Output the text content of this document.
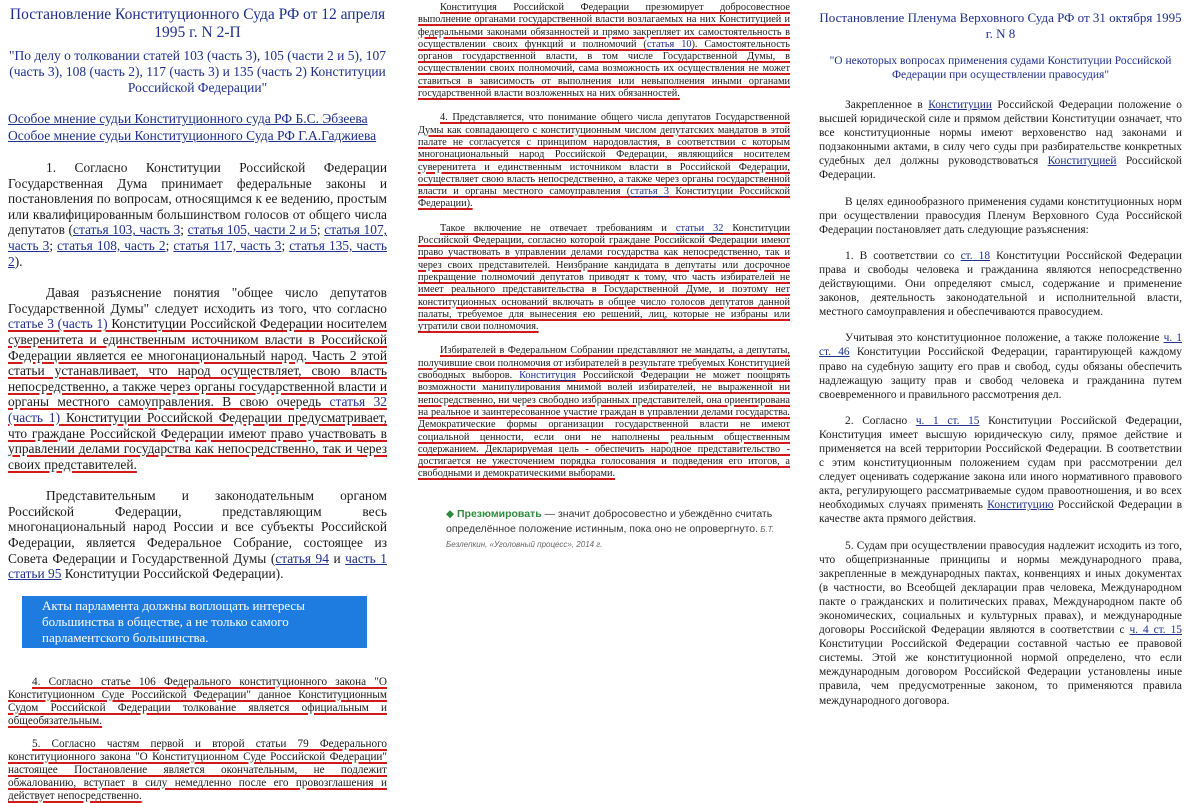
Постановление Конституционного Суда РФ от 12 апреля 1995 г. N 2-П

"По делу о толковании статей 103 (часть 3), 105 (части 2 и 5), 107 (часть 3), 108 (часть 2), 117 (часть 3) и 135 (часть 2) Конституции Российской Федерации"

Особое мнение судьи Конституционного суда РФ Б.С. Эбзеева
Особое мнение судьи Конституционного Суда РФ Г.А.Гаджиева

1. Согласно Конституции Российской Федерации Государственная Дума принимает федеральные законы и постановления по вопросам, относящимся к ее ведению, простым или квалифицированным большинством голосов от общего числа депутатов (статья 103, часть 3; статья 105, части 2 и 5; статья 107, часть 3; статья 108, часть 2; статья 117, часть 3; статья 135, часть 2).

Давая разъяснение понятия "общее число депутатов Государственной Думы" следует исходить из того, что согласно статье 3 (часть 1) Конституции Российской Федерации носителем суверенитета и единственным источником власти в Российской Федерации является ее многонациональный народ. Часть 2 этой статьи устанавливает, что народ осуществляет, свою власть непосредственно, а также через органы государственной власти и органы местного самоуправления. В свою очередь статья 32 (часть 1) Конституции Российской Федерации предусматривает, что граждане Российской Федерации имеют право участвовать в управлении делами государства как непосредственно, так и через своих представителей.

Представительным и законодательным органом Российской Федерации, представляющим весь многонациональный народ России и все субъекты Российской Федерации, является Федеральное Собрание, состоящее из Совета Федерации и Государственной Думы (статья 94 и часть 1 статьи 95 Конституции Российской Федерации).

Акты парламента должны воплощать интересы большинства в обществе, а не только самого парламентского большинства.

4. Согласно статье 106 Федерального конституционного закона "О Конституционном Суде Российской Федерации" данное Конституционным Судом Российской Федерации толкование является официальным и общеобязательным.

5. Согласно частям первой и второй статьи 79 Федерального конституционного закона "О Конституционном Суде Российской Федерации" настоящее Постановление является окончательным, не подлежит обжалованию, вступает в силу немедленно после его провозглашения и действует непосредственно.

Конституция Российской Федерации презюмирует добросовестное выполнение органами государственной власти возлагаемых на них Конституцией и федеральными законами обязанностей и прямо закрепляет их самостоятельность в осуществлении своих функций и полномочий (статья 10). Самостоятельность органов государственной власти, в том числе Государственной Думы, в осуществлении своих полномочий, сама возможность их осуществления не может ставиться в зависимость от выполнения или невыполнения иными органами государственной власти возложенных на них обязанностей.

4. Представляется, что понимание общего числа депутатов Государственной Думы как совпадающего с конституционным числом депутатских мандатов в этой палате не согласуется с принципом народовластия, в соответствии с которым многонациональный народ Российской Федерации, являющийся носителем суверенитета и единственным источником власти в Российской Федерации, осуществляет свою власть непосредственно, а также через органы государственной власти и органы местного самоуправления (статья 3 Конституции Российской Федерации).

Такое включение не отвечает требованиям и статьи 32 Конституции Российской Федерации, согласно которой граждане Российской Федерации имеют право участвовать в управлении делами государства как непосредственно, так и через своих представителей. Неизбрание кандидата в депутаты или досрочное прекращение полномочий депутатов приводят к тому, что часть избирателей не имеет реального представительства в Государственной Думе, и поэтому нет конституционных оснований включать в общее число голосов депутатов данной палаты, требуемое для вынесения ею решений, лиц, которые не избраны или утратили свои полномочия.

Избирателей в Федеральном Собрании представляют не мандаты, а депутаты, получившие свои полномочия от избирателей в результате требуемых Конституцией свободных выборов. Конституция Российской Федерации не может поощрять возможности манипулирования мнимой волей избирателей, не выраженной ни непосредственно, ни через свободно избранных представителей, она ориентирована на реальное и заинтересованное участие граждан в управлении делами государства. Демократические формы организации государственной власти не имеют социальной ценности, если они не наполнены реальным общественным содержанием. Декларируемая цель - обеспечить народное представительство - достигается не ужесточением порядка голосования и подведения его итогов, а свободными и демократическими выборами.

◆ Презюмировать — значит добросовестно и убеждённо считать определённое положение истинным, пока оно не опровергнуто. Б.Т. Безлепкин, «Уголовный процесс», 2014 г.

Постановление Пленума Верховного Суда РФ от 31 октября 1995 г. N 8

"О некоторых вопросах применения судами Конституции Российской Федерации при осуществлении правосудия"

Закрепленное в Конституции Российской Федерации положение о высшей юридической силе и прямом действии Конституции означает, что все конституционные нормы имеют верховенство над законами и подзаконными актами, в силу чего суды при разбирательстве конкретных судебных дел должны руководствоваться Конституцией Российской Федерации.

В целях единообразного применения судами конституционных норм при осуществлении правосудия Пленум Верховного Суда Российской Федерации постановляет дать следующие разъяснения:

1. В соответствии со ст. 18 Конституции Российской Федерации права и свободы человека и гражданина являются непосредственно действующими. Они определяют смысл, содержание и применение законов, деятельность законодательной и исполнительной власти, местного самоуправления и обеспечиваются правосудием.

Учитывая это конституционное положение, а также положение ч. 1 ст. 46 Конституции Российской Федерации, гарантирующей каждому право на судебную защиту его прав и свобод, суды обязаны обеспечить надлежащую защиту прав и свобод человека и гражданина путем своевременного и правильного рассмотрения дел.

2. Согласно ч. 1 ст. 15 Конституции Российской Федерации, Конституция имеет высшую юридическую силу, прямое действие и применяется на всей территории Российской Федерации. В соответствии с этим конституционным положением судам при рассмотрении дел следует оценивать содержание закона или иного нормативного правового акта, регулирующего рассматриваемые судом правоотношения, и во всех необходимых случаях применять Конституцию Российской Федерации в качестве акта прямого действия.

5. Судам при осуществлении правосудия надлежит исходить из того, что общепризнанные принципы и нормы международного права, закрепленные в международных пактах, конвенциях и иных документах (в частности, во Всеобщей декларации прав человека, Международном пакте о гражданских и политических правах, Международном пакте об экономических, социальных и культурных правах), и международные договоры Российской Федерации являются в соответствии с ч. 4 ст. 15 Конституции Российской Федерации составной частью ее правовой системы. Этой же конституционной нормой определено, что если международным договором Российской Федерации установлены иные правила, чем предусмотренные законом, то применяются правила международного договора.
